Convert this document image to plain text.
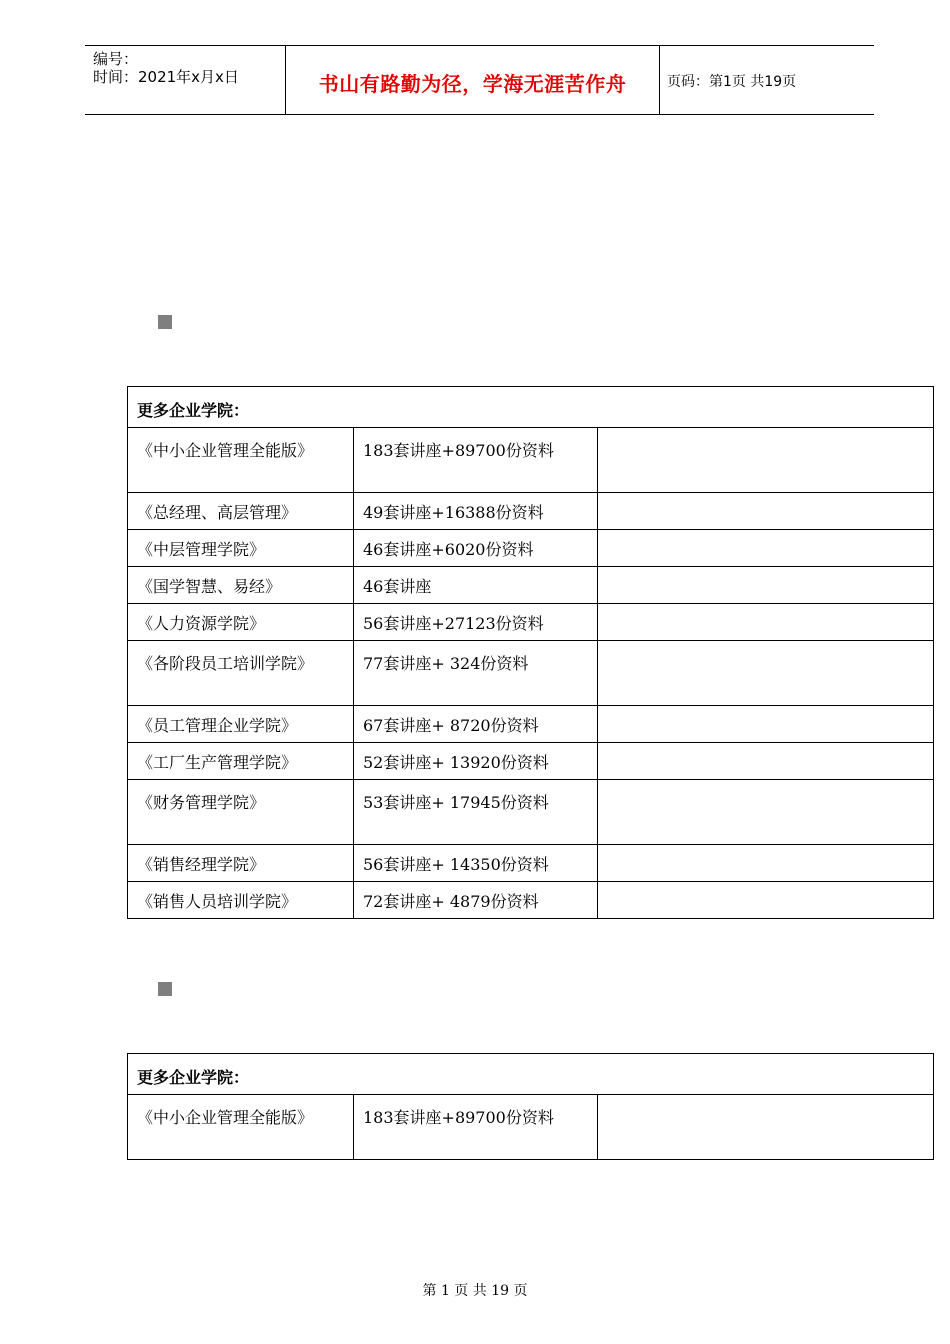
编号：
时间：2021年x月x日	书山有路勤为径，学海无涯苦作舟	页码：第1页 共19页
更多企业学院：		
《中小企业管理全能版》	183套讲座+89700份资料	
《总经理、高层管理》	49套讲座+16388份资料	
《中层管理学院》	46套讲座+6020份资料	
《国学智慧、易经》	46套讲座	
《人力资源学院》	56套讲座+27123份资料	
《各阶段员工培训学院》	77套讲座+ 324份资料	
《员工管理企业学院》	67套讲座+ 8720份资料	
《工厂生产管理学院》	52套讲座+ 13920份资料	
《财务管理学院》	53套讲座+ 17945份资料	
《销售经理学院》	56套讲座+ 14350份资料	
《销售人员培训学院》	72套讲座+ 4879份资料	
更多企业学院：
《中小企业管理全能版》	183套讲座+89700份资料	
第 1 页 共 19 页
